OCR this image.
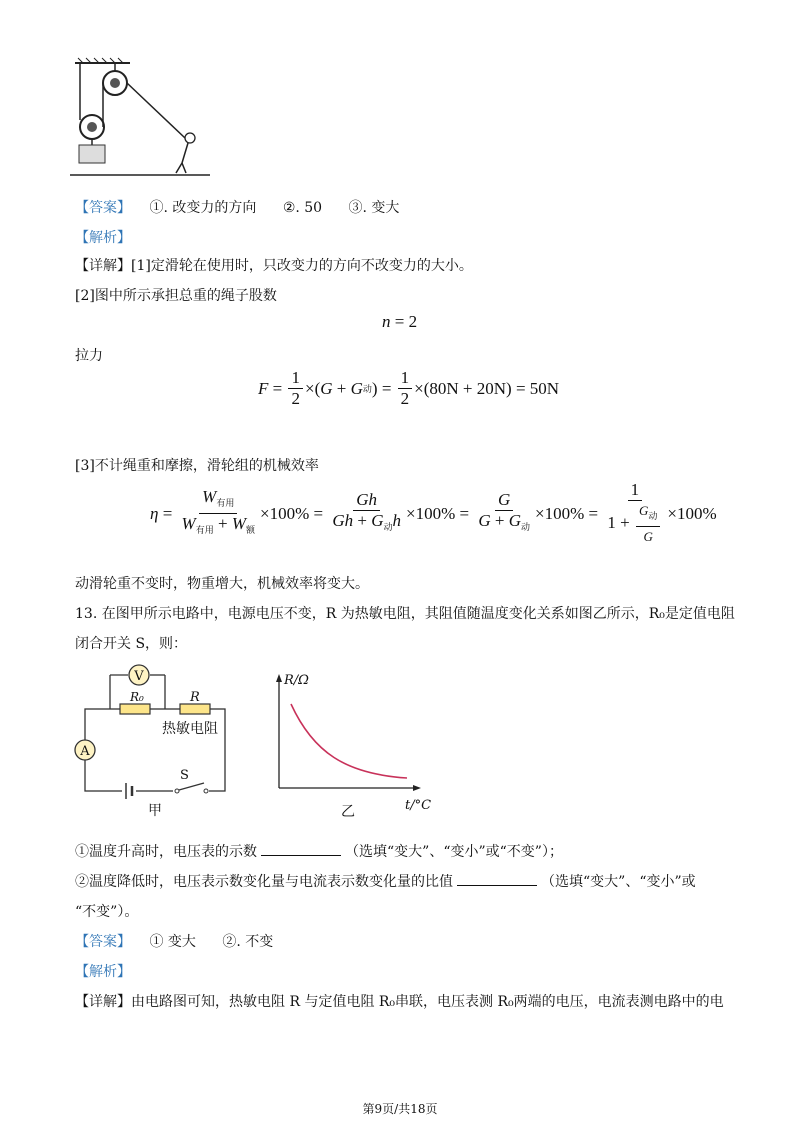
【答案】 ①. 改变力的方向 ②. 50 ③. 变大
【解析】
【详解】[1]定滑轮在使用时，只改变力的方向不改变力的大小。
[2]图中所示承担总重的绳子股数
n = 2
拉力
$F = \frac{1}{2}$ ×( G + G 动 ) = $\frac{1}{2} \times(80N + 20N) = 50N$
[3]不计绳重和摩擦，滑轮组的机械效率
$\eta = \frac{W_{有用}}{W_{有用} + W_额} \times 100\% = \frac{Gh}{Gh + G_动h} \times 100\% = \frac{G}{G + G_动} \times 100\% = \frac{1}{1 + \frac{G_动}{G}} \times 100\%$
动滑轮重不变时，物重增大，机械效率将变大。
13. 在图甲所示电路中，电源电压不变，R 为热敏电阻，其阻值随温度变化关系如图乙所示，R₀是定值电阻
闭合开关 S，则：
V
R₀	R
热敏电阻
A
S
甲
R/Ω
t/°C
乙
①温度升高时，电压表的示数	（选填“变大”、“变小”或“不变”）；
②温度降低时，电压表示数变化量与电流表示数变化量的比值	（选填“变大”、“变小”或
“不变”）。
【答案】 ① 变大 ②. 不变
【解析】
【详解】由电路图可知，热敏电阻 R 与定值电阻 R₀串联，电压表测 R₀两端的电压，电流表测电路中的电
第9页/共18页
